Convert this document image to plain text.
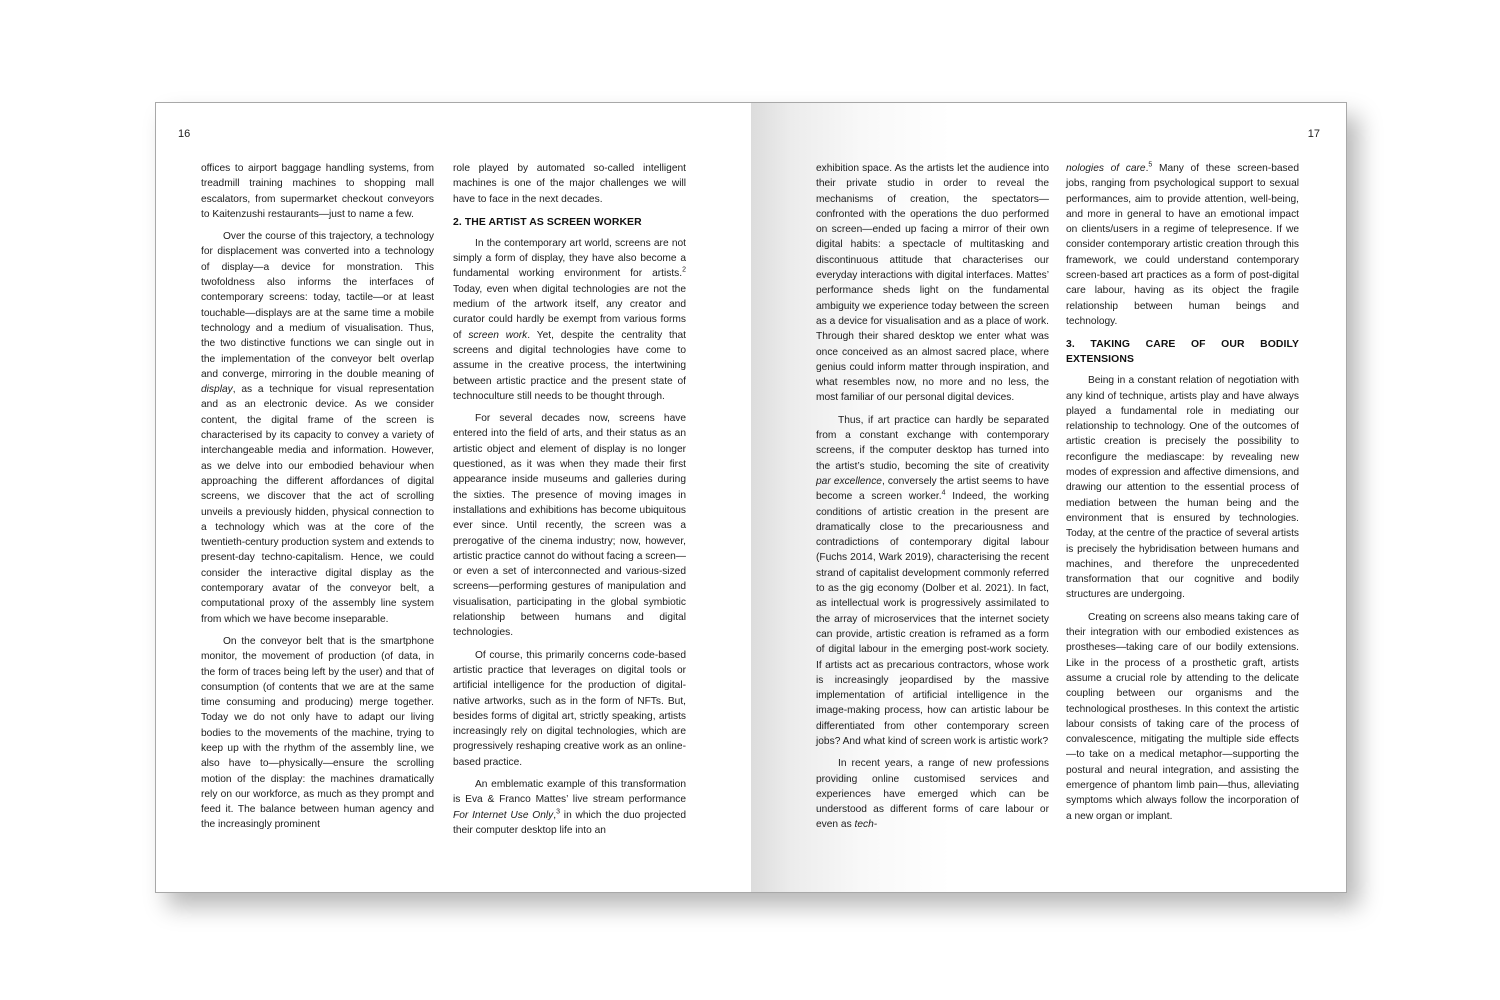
16

offices to airport baggage handling systems, from treadmill training machines to shopping mall escalators, from supermarket checkout conveyors to Kaitenzushi restaurants—just to name a few.

Over the course of this trajectory, a technology for displacement was converted into a technology of display—a device for monstration. This twofoldness also informs the interfaces of contemporary screens: today, tactile—or at least touchable—displays are at the same time a mobile technology and a medium of visualisation. Thus, the two distinctive functions we can single out in the implementation of the conveyor belt overlap and converge, mirroring in the double meaning of display, as a technique for visual representation and as an electronic device. As we consider content, the digital frame of the screen is characterised by its capacity to convey a variety of interchangeable media and information. However, as we delve into our embodied behaviour when approaching the different affordances of digital screens, we discover that the act of scrolling unveils a previously hidden, physical connection to a technology which was at the core of the twentieth-century production system and extends to present-day techno-capitalism. Hence, we could consider the interactive digital display as the contemporary avatar of the conveyor belt, a computational proxy of the assembly line system from which we have become inseparable.

On the conveyor belt that is the smartphone monitor, the movement of production (of data, in the form of traces being left by the user) and that of consumption (of contents that we are at the same time consuming and producing) merge together. Today we do not only have to adapt our living bodies to the movements of the machine, trying to keep up with the rhythm of the assembly line, we also have to—physically—ensure the scrolling motion of the display: the machines dramatically rely on our workforce, as much as they prompt and feed it. The balance between human agency and the increasingly prominent

role played by automated so-called intelligent machines is one of the major challenges we will have to face in the next decades.

2. THE ARTIST AS SCREEN WORKER

In the contemporary art world, screens are not simply a form of display, they have also become a fundamental working environment for artists.$^2$ Today, even when digital technologies are not the medium of the artwork itself, any creator and curator could hardly be exempt from various forms of screen work. Yet, despite the centrality that screens and digital technologies have come to assume in the creative process, the intertwining between artistic practice and the present state of technoculture still needs to be thought through.

For several decades now, screens have entered into the field of arts, and their status as an artistic object and element of display is no longer questioned, as it was when they made their first appearance inside museums and galleries during the sixties. The presence of moving images in installations and exhibitions has become ubiquitous ever since. Until recently, the screen was a prerogative of the cinema industry; now, however, artistic practice cannot do without facing a screen—or even a set of interconnected and various-sized screens—performing gestures of manipulation and visualisation, participating in the global symbiotic relationship between humans and digital technologies.

Of course, this primarily concerns code-based artistic practice that leverages on digital tools or artificial intelligence for the production of digital-native artworks, such as in the form of NFTs. But, besides forms of digital art, strictly speaking, artists increasingly rely on digital technologies, which are progressively reshaping creative work as an online-based practice.

An emblematic example of this transformation is Eva & Franco Mattes’ live stream performance For Internet Use Only,$^3$ in which the duo projected their computer desktop life into an

17

exhibition space. As the artists let the audience into their private studio in order to reveal the mechanisms of creation, the spectators—confronted with the operations the duo performed on screen—ended up facing a mirror of their own digital habits: a spectacle of multitasking and discontinuous attitude that characterises our everyday interactions with digital interfaces. Mattes’ performance sheds light on the fundamental ambiguity we experience today between the screen as a device for visualisation and as a place of work. Through their shared desktop we enter what was once conceived as an almost sacred place, where genius could inform matter through inspiration, and what resembles now, no more and no less, the most familiar of our personal digital devices.

Thus, if art practice can hardly be separated from a constant exchange with contemporary screens, if the computer desktop has turned into the artist’s studio, becoming the site of creativity par excellence, conversely the artist seems to have become a screen worker.$^4$ Indeed, the working conditions of artistic creation in the present are dramatically close to the precariousness and contradictions of contemporary digital labour (Fuchs 2014, Wark 2019), characterising the recent strand of capitalist development commonly referred to as the gig economy (Dolber et al. 2021). In fact, as intellectual work is progressively assimilated to the array of microservices that the internet society can provide, artistic creation is reframed as a form of digital labour in the emerging post-work society. If artists act as precarious contractors, whose work is increasingly jeopardised by the massive implementation of artificial intelligence in the image-making process, how can artistic labour be differentiated from other contemporary screen jobs? And what kind of screen work is artistic work?

In recent years, a range of new professions providing online customised services and experiences have emerged which can be understood as different forms of care labour or even as tech-

nologies of care.$^5$ Many of these screen-based jobs, ranging from psychological support to sexual performances, aim to provide attention, well-being, and more in general to have an emotional impact on clients/users in a regime of telepresence. If we consider contemporary artistic creation through this framework, we could understand contemporary screen-based art practices as a form of post-digital care labour, having as its object the fragile relationship between human beings and technology.

3. TAKING CARE OF OUR BODILY EXTENSIONS

Being in a constant relation of negotiation with any kind of technique, artists play and have always played a fundamental role in mediating our relationship to technology. One of the outcomes of artistic creation is precisely the possibility to reconfigure the mediascape: by revealing new modes of expression and affective dimensions, and drawing our attention to the essential process of mediation between the human being and the environment that is ensured by technologies. Today, at the centre of the practice of several artists is precisely the hybridisation between humans and machines, and therefore the unprecedented transformation that our cognitive and bodily structures are undergoing.

Creating on screens also means taking care of their integration with our embodied existences as prostheses—taking care of our bodily extensions. Like in the process of a prosthetic graft, artists assume a crucial role by attending to the delicate coupling between our organisms and the technological prostheses. In this context the artistic labour consists of taking care of the process of convalescence, mitigating the multiple side effects—to take on a medical metaphor—supporting the postural and neural integration, and assisting the emergence of phantom limb pain—thus, alleviating symptoms which always follow the incorporation of a new organ or implant.
